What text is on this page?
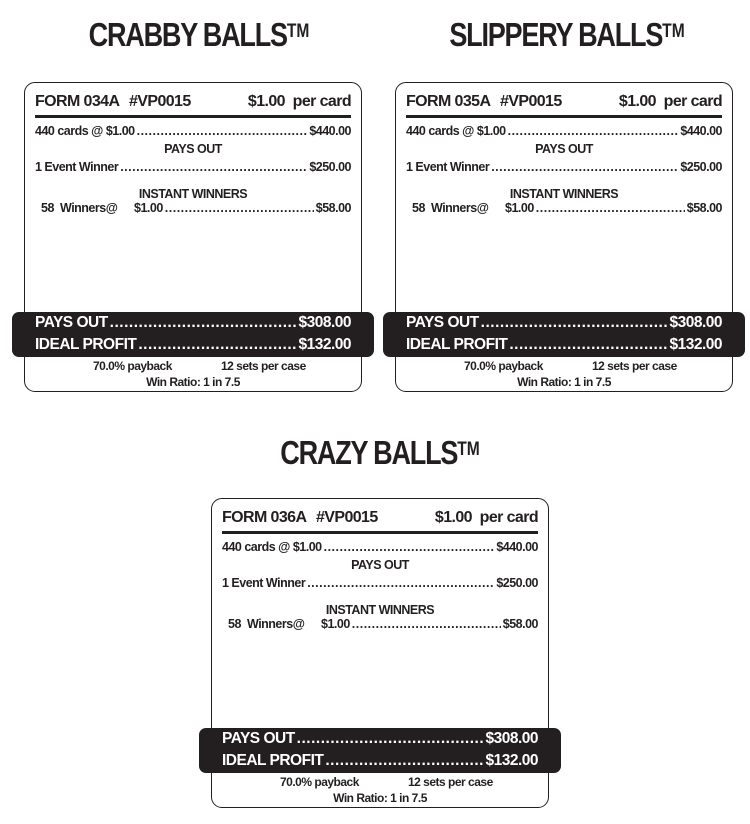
CRABBY BALLS™
FORM 034A #VP0015	$1.00  per card
440 cards @ $1.00 .....	$440.00
PAYS OUT
1 Event Winner .....	$250.00
INSTANT WINNERS
58 Winners@	$1.00 .....	$58.00
PAYS OUT .....	$308.00
IDEAL PROFIT .....	$132.00
70.0% payback	12 sets per case
Win Ratio: 1 in 7.5
SLIPPERY BALLS™
FORM 035A #VP0015	$1.00  per card
440 cards @ $1.00 .....	$440.00
PAYS OUT
1 Event Winner .....	$250.00
INSTANT WINNERS
58 Winners@	$1.00 .....	$58.00
PAYS OUT .....	$308.00
IDEAL PROFIT .....	$132.00
70.0% payback	12 sets per case
Win Ratio: 1 in 7.5
CRAZY BALLS™
FORM 036A #VP0015	$1.00  per card
440 cards @ $1.00 .....	$440.00
PAYS OUT
1 Event Winner .....	$250.00
INSTANT WINNERS
58 Winners@	$1.00 .....	$58.00
PAYS OUT .....	$308.00
IDEAL PROFIT .....	$132.00
70.0% payback	12 sets per case
Win Ratio: 1 in 7.5
